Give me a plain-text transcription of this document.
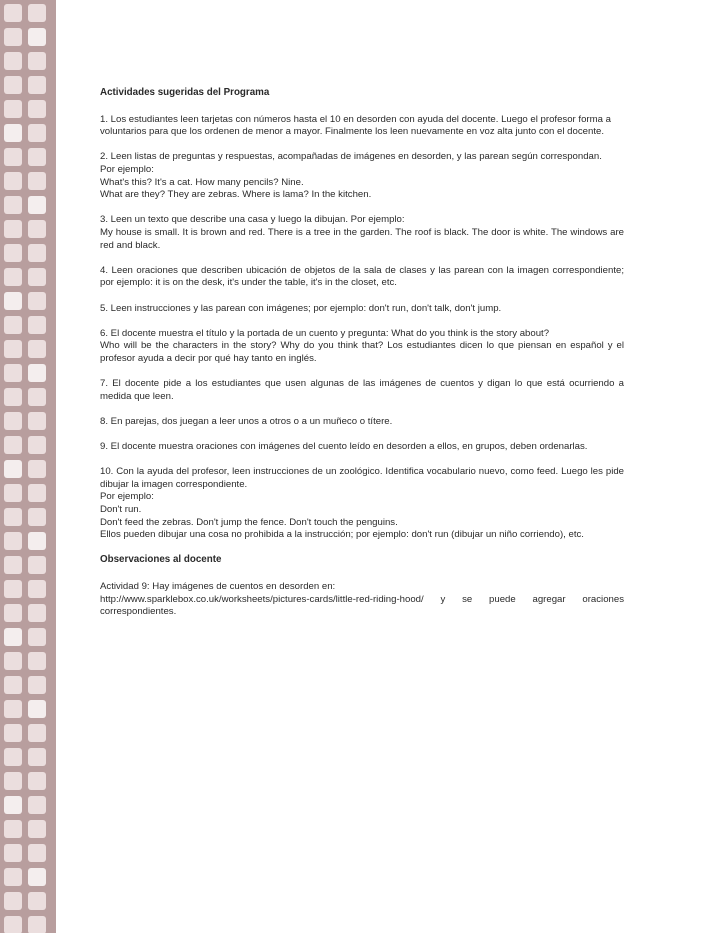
Actividades sugeridas del Programa

1. Los estudiantes leen tarjetas con números hasta el 10 en desorden con ayuda del docente. Luego el profesor forma a voluntarios para que los ordenen de menor a mayor. Finalmente los leen nuevamente en voz alta junto con el docente.

2. Leen listas de preguntas y respuestas, acompañadas de imágenes en desorden, y las parean según correspondan.
Por ejemplo:
What's this? It's a cat. How many pencils? Nine.
What are they? They are zebras. Where is lama? In the kitchen.

3. Leen un texto que describe una casa y luego la dibujan. Por ejemplo:
My house is small. It is brown and red. There is a tree in the garden. The roof is black. The door is white. The windows are red and black.

4. Leen oraciones que describen ubicación de objetos de la sala de clases y las parean con la imagen correspondiente; por ejemplo: it is on the desk, it's under the table, it's in the closet, etc.

5. Leen instrucciones y las parean con imágenes; por ejemplo: don't run, don't talk, don't jump.

6. El docente muestra el título y la portada de un cuento y pregunta: What do you think is the story about?
Who will be the characters in the story? Why do you think that? Los estudiantes dicen lo que piensan en español y el profesor ayuda a decir por qué hay tanto en inglés.

7. El docente pide a los estudiantes que usen algunas de las imágenes de cuentos y digan lo que está ocurriendo a medida que leen.

8. En parejas, dos juegan a leer unos a otros o a un muñeco o títere.

9. El docente muestra oraciones con imágenes del cuento leído en desorden a ellos, en grupos, deben ordenarlas.

10. Con la ayuda del profesor, leen instrucciones de un zoológico. Identifica vocabulario nuevo, como feed. Luego les pide dibujar la imagen correspondiente.
Por ejemplo:
Don't run.
Don't feed the zebras. Don't jump the fence. Don't touch the penguins.
Ellos pueden dibujar una cosa no prohibida a la instrucción; por ejemplo: don't run (dibujar un niño corriendo), etc.

Observaciones al docente

Actividad 9: Hay imágenes de cuentos en desorden en:
http://www.sparklebox.co.uk/worksheets/pictures-cards/little-red-riding-hood/ y se puede agregar oraciones correspondientes.
